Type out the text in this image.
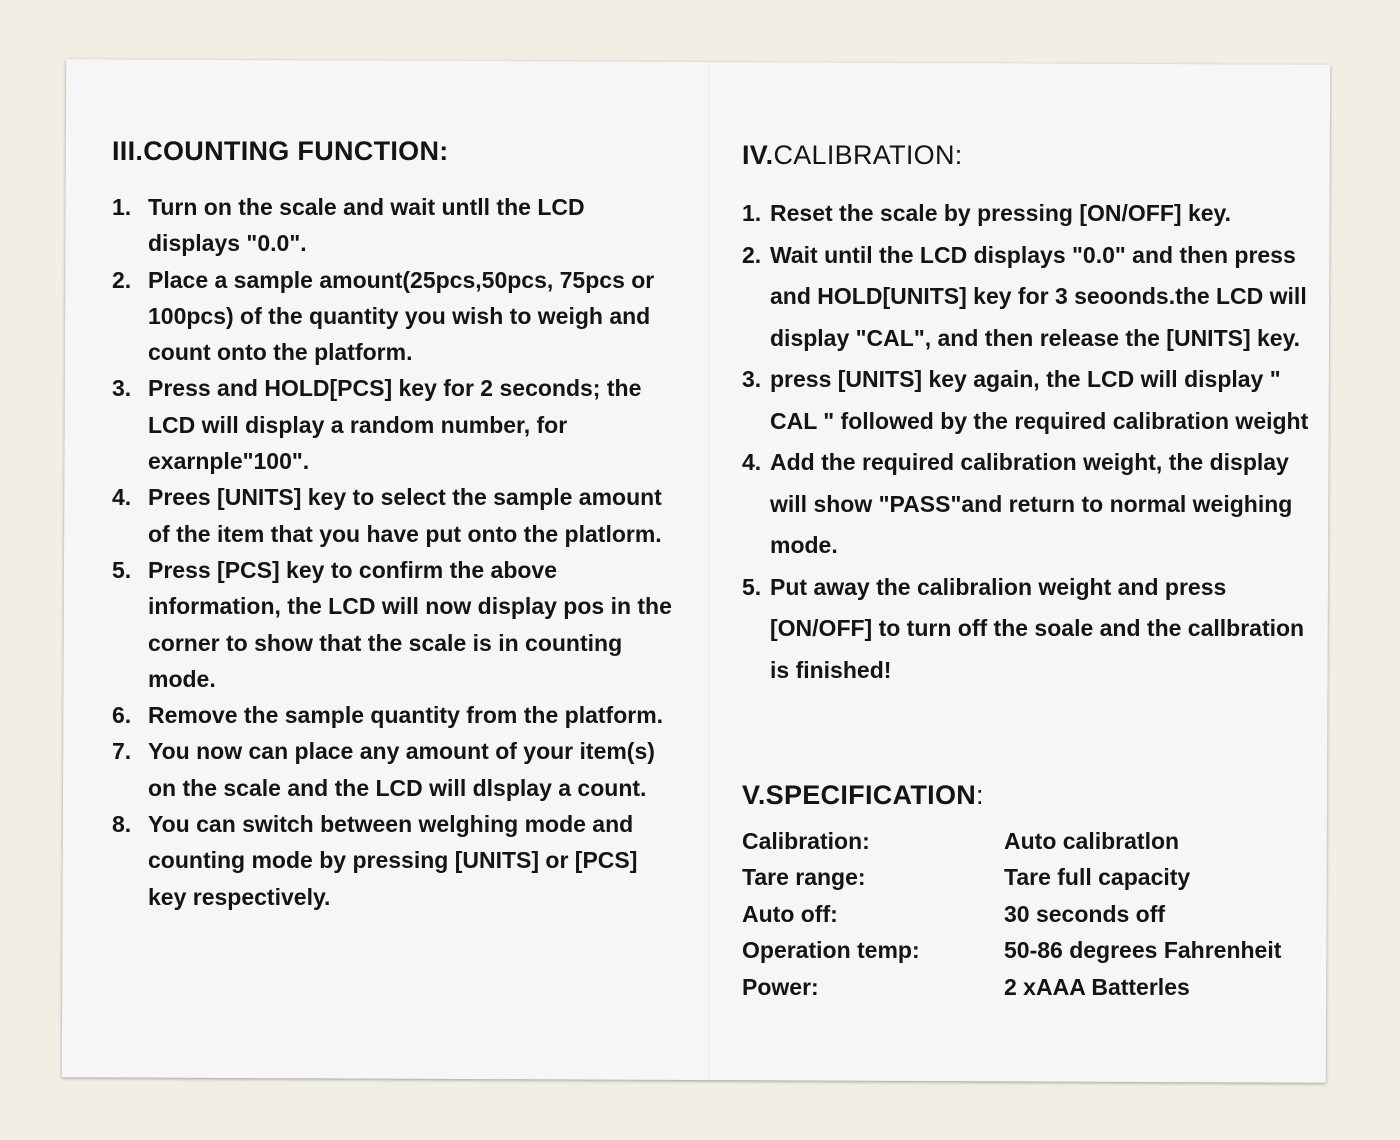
III.COUNTING FUNCTION:
1. Turn on the scale and wait untll the LCD displays "0.0".
2. Place a sample amount(25pcs,50pcs, 75pcs or 100pcs) of the quantity you wish to weigh and count onto the platform.
3. Press and HOLD[PCS] key for 2 seconds; the LCD will display a random number, for exarnple"100".
4. Prees [UNITS] key to select the sample amount of the item that you have put onto the platlorm.
5. Press [PCS] key to confirm the above information, the LCD will now display pos in the corner to show that the scale is in counting mode.
6. Remove the sample quantity from the platform.
7. You now can place any amount of your item(s) on the scale and the LCD will dlsplay a count.
8. You can switch between welghing mode and counting mode by pressing [UNITS] or [PCS] key respectively.
IV.CALIBRATION:
1. Reset the scale by pressing [ON/OFF] key.
2. Wait until the LCD displays "0.0" and then press and HOLD[UNITS] key for 3 seoonds.the LCD will display "CAL", and then release the [UNITS] key.
3. press [UNITS] key again, the LCD will display " CAL " followed by the required calibration weight
4. Add the required calibration weight, the display will show "PASS"and return to normal weighing mode.
5. Put away the calibralion weight and press [ON/OFF] to turn off the soale and the callbration is finished!
V.SPECIFICATION:
Calibration:	Auto calibratlon
Tare range:	Tare full capacity
Auto off:	30 seconds off
Operation temp:	50-86 degrees Fahrenheit
Power:	2 xAAA Batterles
